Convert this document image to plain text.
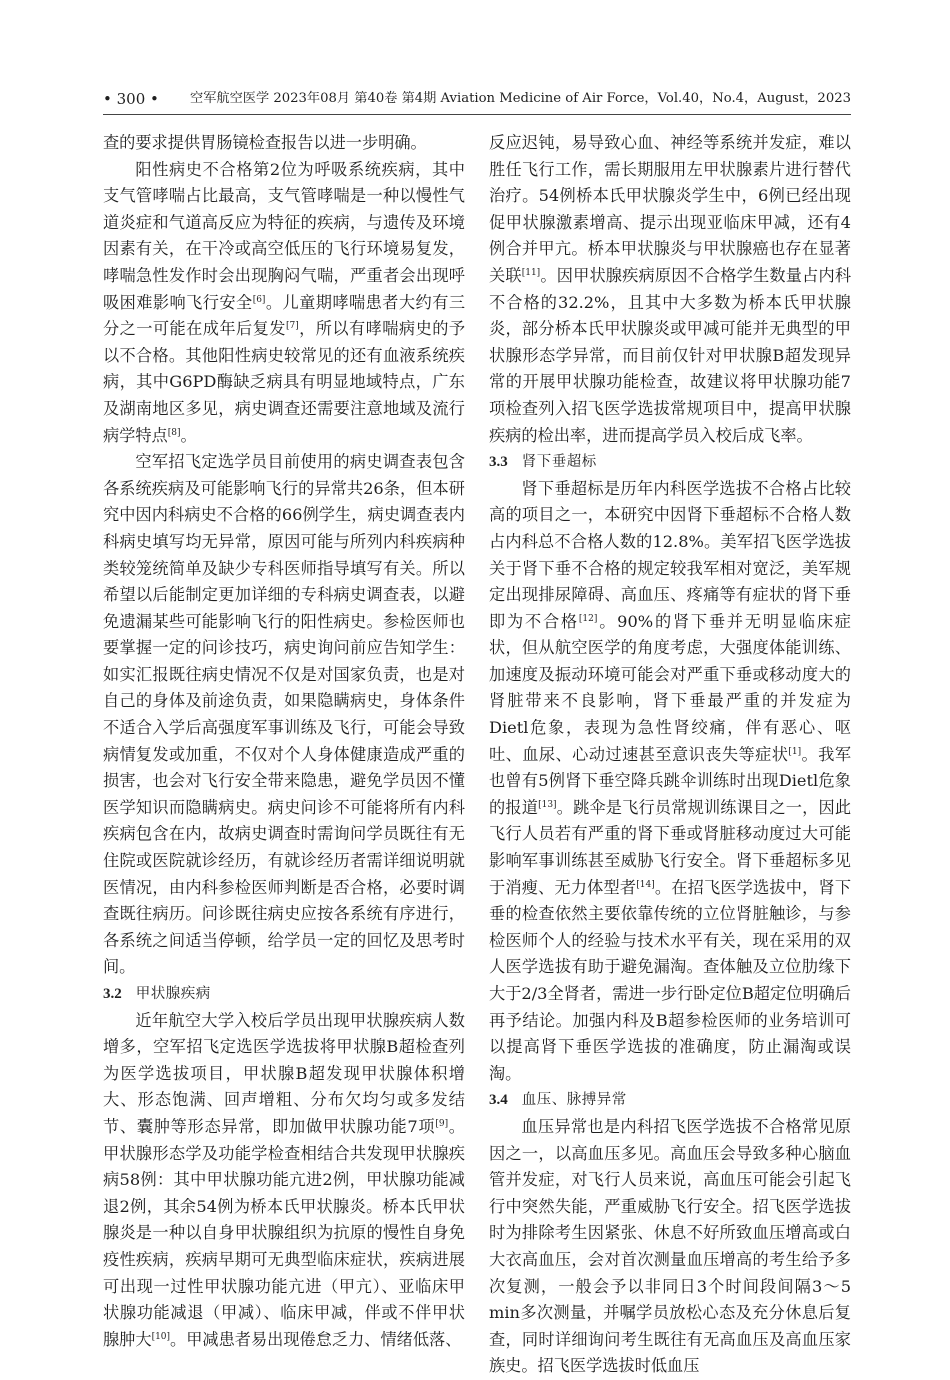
• 300 • 空军航空医学 2023年08月 第40卷 第4期 Aviation Medicine of Air Force，Vol.40，No.4，August，2023

查的要求提供胃肠镜检查报告以进一步明确。

阳性病史不合格第2位为呼吸系统疾病，其中支气管哮喘占比最高，支气管哮喘是一种以慢性气道炎症和气道高反应为特征的疾病，与遗传及环境因素有关，在干冷或高空低压的飞行环境易复发，哮喘急性发作时会出现胸闷气喘，严重者会出现呼吸困难影响飞行安全[6]。儿童期哮喘患者大约有三分之一可能在成年后复发[7]，所以有哮喘病史的予以不合格。其他阳性病史较常见的还有血液系统疾病，其中G6PD酶缺乏病具有明显地域特点，广东及湖南地区多见，病史调查还需要注意地域及流行病学特点[8]。

空军招飞定选学员目前使用的病史调查表包含各系统疾病及可能影响飞行的异常共26条，但本研究中因内科病史不合格的66例学生，病史调查表内科病史填写均无异常，原因可能与所列内科疾病种类较笼统简单及缺少专科医师指导填写有关。所以希望以后能制定更加详细的专科病史调查表，以避免遗漏某些可能影响飞行的阳性病史。参检医师也要掌握一定的问诊技巧，病史询问前应告知学生：如实汇报既往病史情况不仅是对国家负责，也是对自己的身体及前途负责，如果隐瞒病史，身体条件不适合入学后高强度军事训练及飞行，可能会导致病情复发或加重，不仅对个人身体健康造成严重的损害，也会对飞行安全带来隐患，避免学员因不懂医学知识而隐瞒病史。病史问诊不可能将所有内科疾病包含在内，故病史调查时需询问学员既往有无住院或医院就诊经历，有就诊经历者需详细说明就医情况，由内科参检医师判断是否合格，必要时调查既往病历。问诊既往病史应按各系统有序进行，各系统之间适当停顿，给学员一定的回忆及思考时间。

3.2 甲状腺疾病

近年航空大学入校后学员出现甲状腺疾病人数增多，空军招飞定选医学选拔将甲状腺B超检查列为医学选拔项目，甲状腺B超发现甲状腺体积增大、形态饱满、回声增粗、分布欠均匀或多发结节、囊肿等形态异常，即加做甲状腺功能7项[9]。甲状腺形态学及功能学检查相结合共发现甲状腺疾病58例：其中甲状腺功能亢进2例，甲状腺功能减退2例，其余54例为桥本氏甲状腺炎。桥本氏甲状腺炎是一种以自身甲状腺组织为抗原的慢性自身免疫性疾病，疾病早期可无典型临床症状，疾病进展可出现一过性甲状腺功能亢进（甲亢）、亚临床甲状腺功能减退（甲减）、临床甲减，伴或不伴甲状腺肿大[10]。甲减患者易出现倦怠乏力、情绪低落、

反应迟钝，易导致心血、神经等系统并发症，难以胜任飞行工作，需长期服用左甲状腺素片进行替代治疗。54例桥本氏甲状腺炎学生中，6例已经出现促甲状腺激素增高、提示出现亚临床甲减，还有4例合并甲亢。桥本甲状腺炎与甲状腺癌也存在显著关联[11]。因甲状腺疾病原因不合格学生数量占内科不合格的32.2%，且其中大多数为桥本氏甲状腺炎，部分桥本氏甲状腺炎或甲减可能并无典型的甲状腺形态学异常，而目前仅针对甲状腺B超发现异常的开展甲状腺功能检查，故建议将甲状腺功能7项检查列入招飞医学选拔常规项目中，提高甲状腺疾病的检出率，进而提高学员入校后成飞率。

3.3 肾下垂超标

肾下垂超标是历年内科医学选拔不合格占比较高的项目之一，本研究中因肾下垂超标不合格人数占内科总不合格人数的12.8%。美军招飞医学选拔关于肾下垂不合格的规定较我军相对宽泛，美军规定出现排尿障碍、高血压、疼痛等有症状的肾下垂即为不合格[12]。90%的肾下垂并无明显临床症状，但从航空医学的角度考虑，大强度体能训练、加速度及振动环境可能会对严重下垂或移动度大的肾脏带来不良影响，肾下垂最严重的并发症为Dietl危象，表现为急性肾绞痛，伴有恶心、呕吐、血尿、心动过速甚至意识丧失等症状[1]。我军也曾有5例肾下垂空降兵跳伞训练时出现Dietl危象的报道[13]。跳伞是飞行员常规训练课目之一，因此飞行人员若有严重的肾下垂或肾脏移动度过大可能影响军事训练甚至威胁飞行安全。肾下垂超标多见于消瘦、无力体型者[14]。在招飞医学选拔中，肾下垂的检查依然主要依靠传统的立位肾脏触诊，与参检医师个人的经验与技术水平有关，现在采用的双人医学选拔有助于避免漏淘。查体触及立位肋缘下大于2/3全肾者，需进一步行卧定位B超定位明确后再予结论。加强内科及B超参检医师的业务培训可以提高肾下垂医学选拔的准确度，防止漏淘或误淘。

3.4 血压、脉搏异常

血压异常也是内科招飞医学选拔不合格常见原因之一，以高血压多见。高血压会导致多种心脑血管并发症，对飞行人员来说，高血压可能会引起飞行中突然失能，严重威胁飞行安全。招飞医学选拔时为排除考生因紧张、休息不好所致血压增高或白大衣高血压，会对首次测量血压增高的考生给予多次复测，一般会予以非同日3个时间段间隔3～5 min多次测量，并嘱学员放松心态及充分休息后复查，同时详细询问考生既往有无高血压及高血压家族史。招飞医学选拔时低血压
